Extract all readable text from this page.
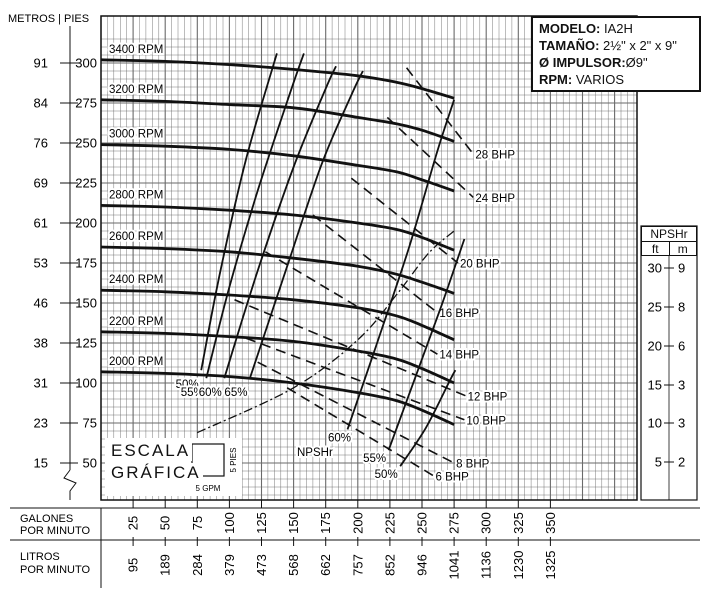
28 BHP
24 BHP
20 BHP
16 BHP
14 BHP
12 BHP
10 BHP
8 BHP
6 BHP
50%
55%
60% 65%
60%
55%
50%
3400 RPM
3200 RPM
3000 RPM
2800 RPM
2600 RPM
2400 RPM
2200 RPM
2000 RPM
NPSHr
METROS | PIES
50
15
75
23
100
31
125
38
150
46
175
53
200
61
225
69
250
76
275
84
300
91
GALONES
POR MINUTO
LITROS
POR MINUTO
25
95
50
189
75
284
100
379
125
473
150
568
175
662
200
757
225
852
250
946
275
1041
300
1136
325
1230
350
1325
30 9
25 8
20 6
15 3
10 3
5 2
5 GPM
5 PIES
MODELO: IA2H
TAMAÑO: 2½" x 2" x 9"
Ø IMPULSOR:Ø9"
RPM: VARIOS
NPSHr
ft	m
ESCALA
GRÁFICA
